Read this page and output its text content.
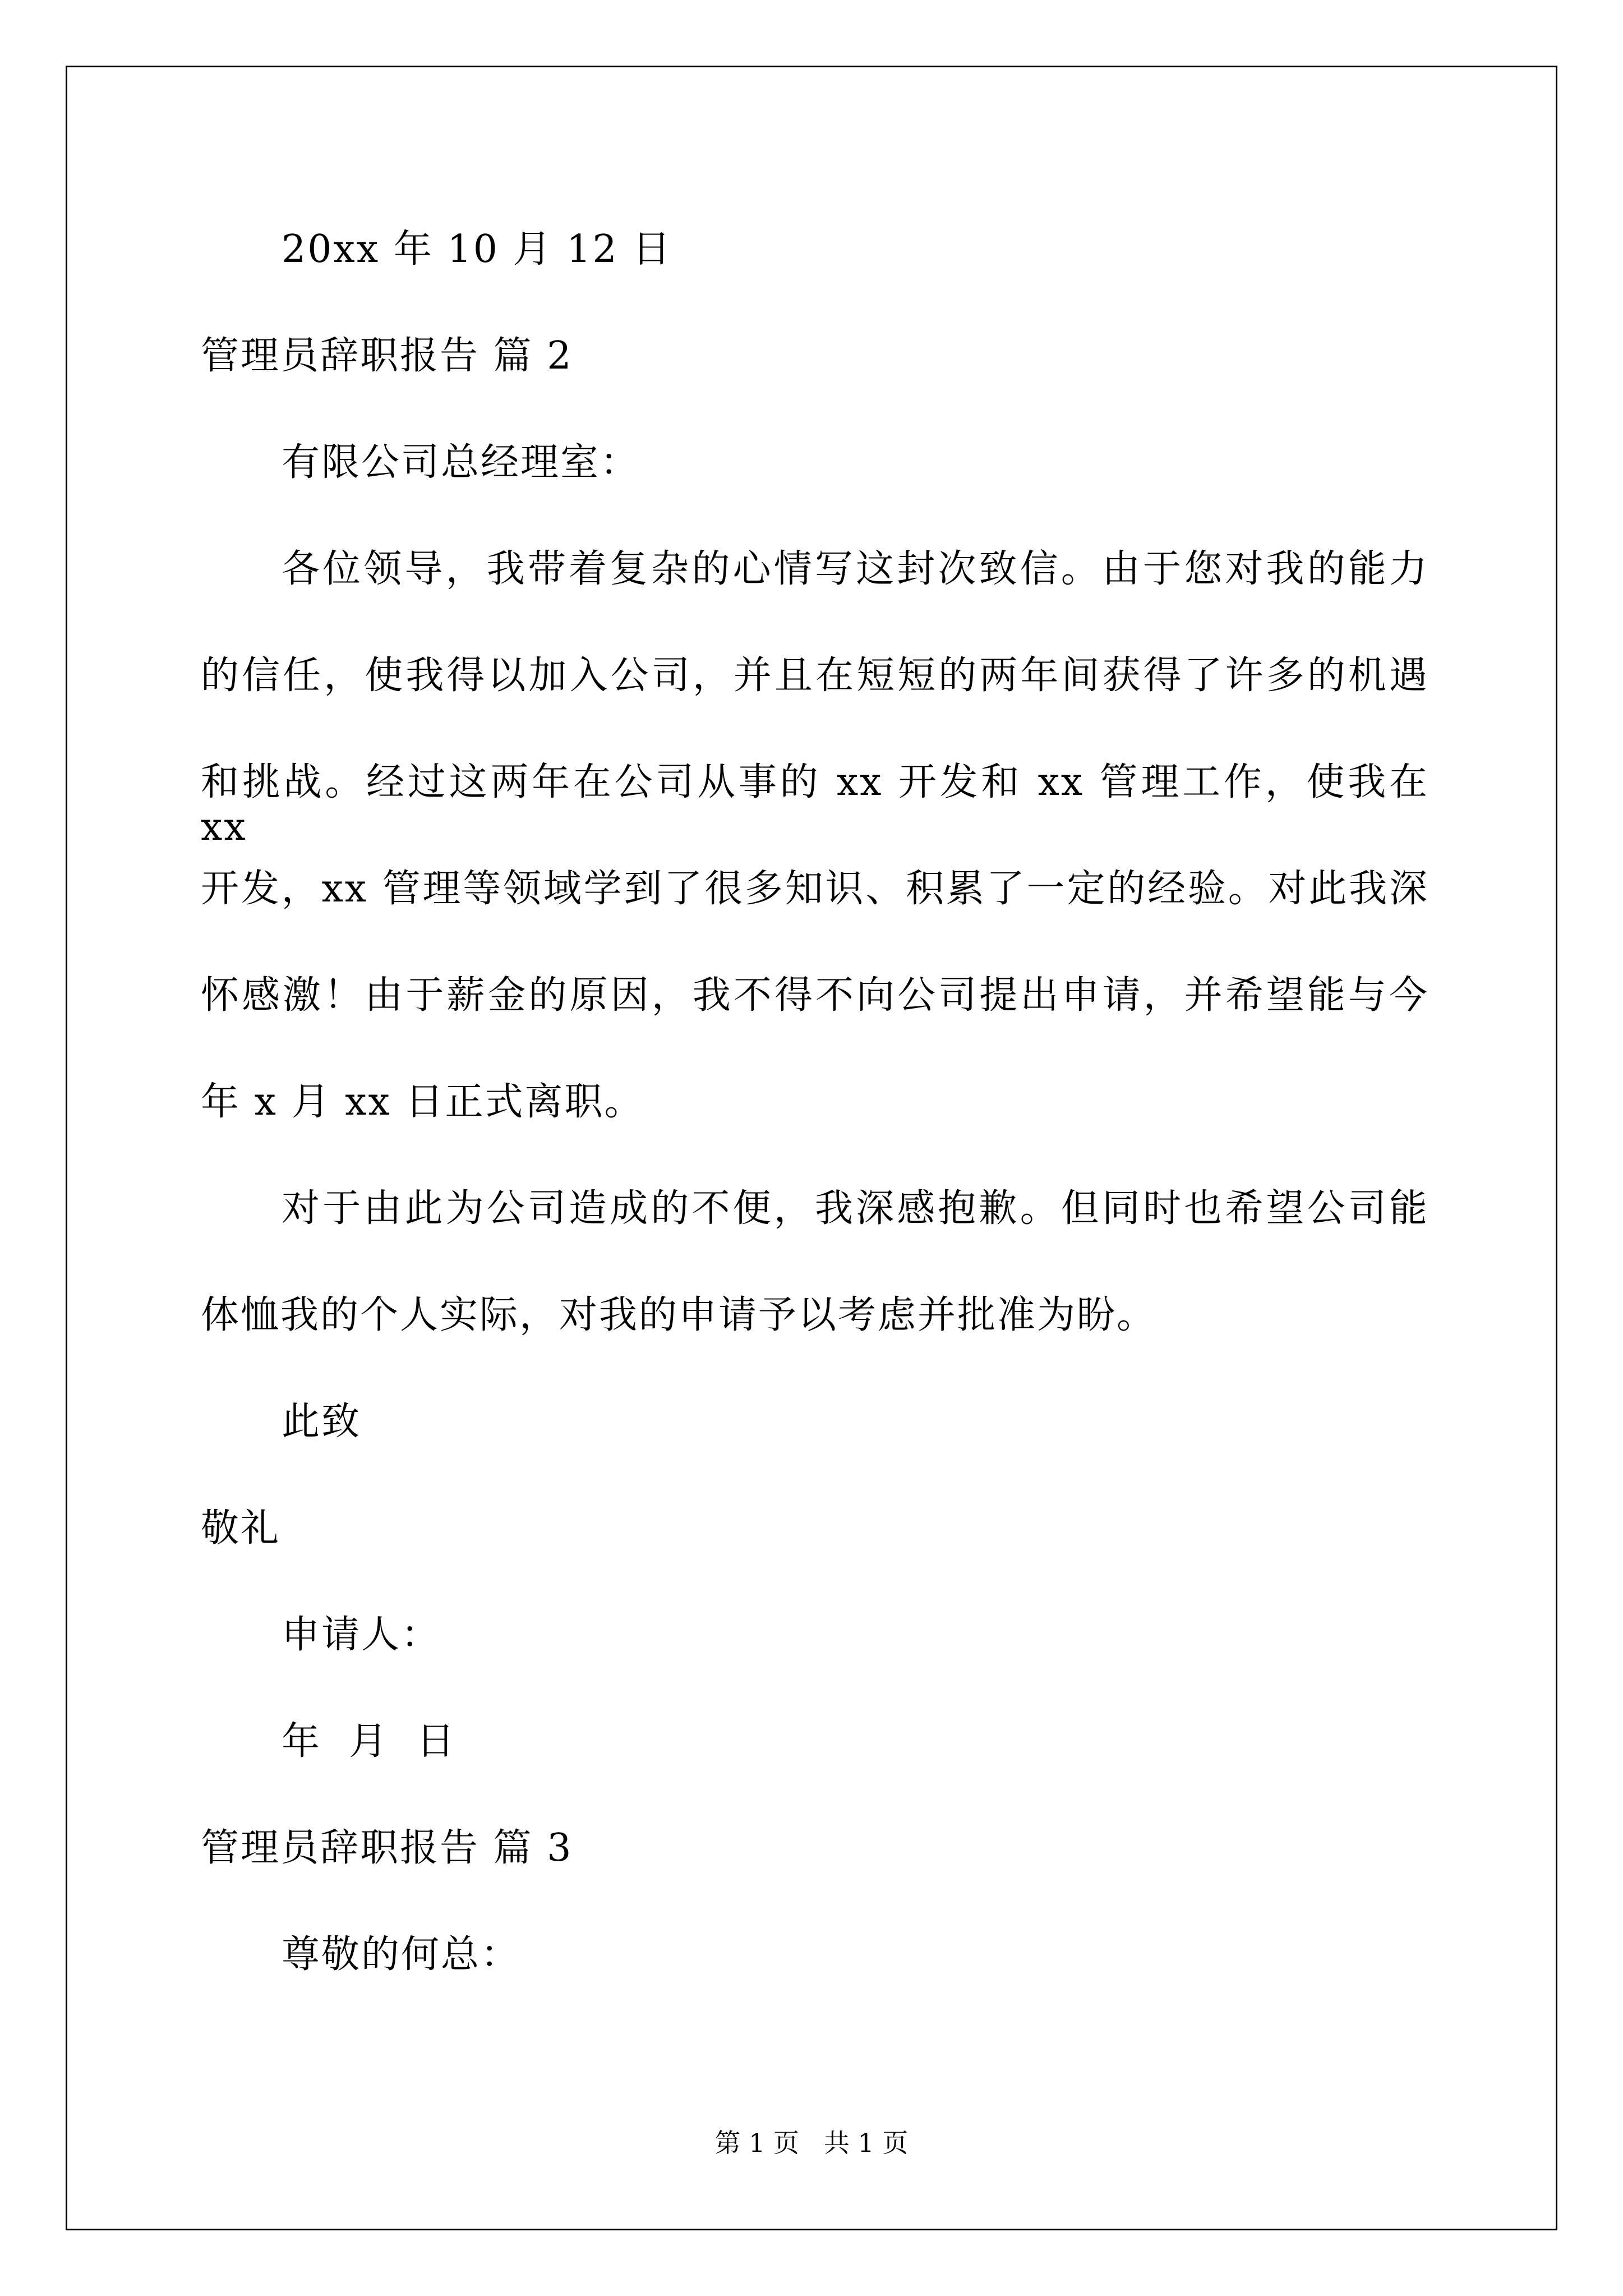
20xx 年 10 月 12 日
管理员辞职报告 篇 2
有限公司总经理室：
各位领导，我带着复杂的心情写这封次致信。由于您对我的能力
的信任，使我得以加入公司，并且在短短的两年间获得了许多的机遇
和挑战。经过这两年在公司从事的 xx 开发和 xx 管理工作，使我在 xx
开发，xx 管理等领域学到了很多知识、积累了一定的经验。对此我深
怀感激！由于薪金的原因，我不得不向公司提出申请，并希望能与今
年 x 月 xx 日正式离职。
对于由此为公司造成的不便，我深感抱歉。但同时也希望公司能
体恤我的个人实际，对我的申请予以考虑并批准为盼。
此致
敬礼
申请人：
年  月  日
管理员辞职报告 篇 3
尊敬的何总：
第 1 页   共 1 页
